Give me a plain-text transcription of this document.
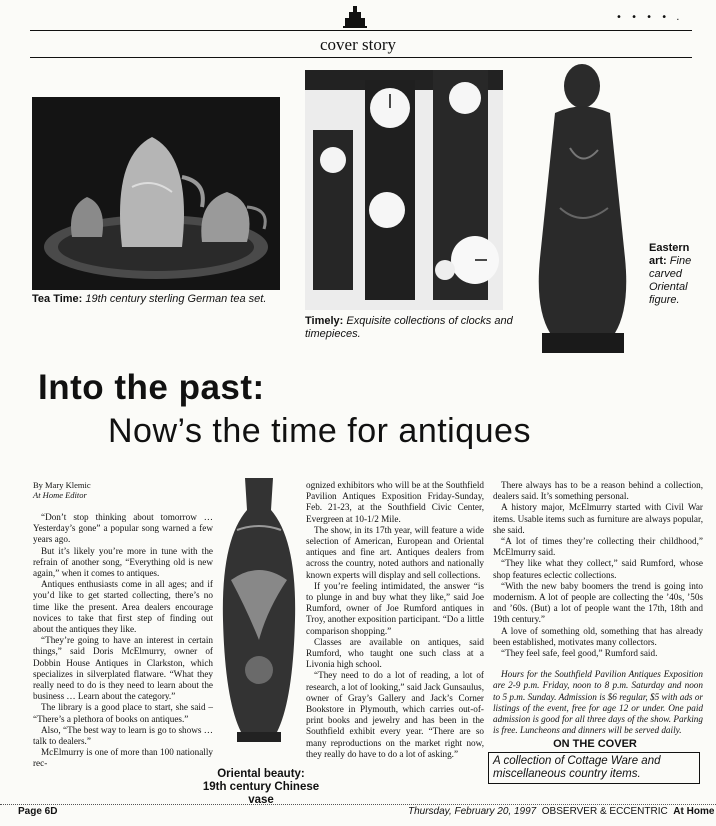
• • • • .
cover story
Tea Time: 19th century sterling German tea set.
Timely: Exquisite collections of clocks and timepieces.
Eastern art: Fine carved Oriental figure.
Into the past:
Now’s the time for antiques
By Mary Klemic
At Home Editor

“Don’t stop thinking about tomorrow … Yesterday’s gone” a popular song warned a few years ago.

But it’s likely you’re more in tune with the refrain of another song, “Everything old is new again,” when it comes to antiques.

Antiques enthusiasts come in all ages; and if you’d like to get started collecting, there’s no time like the present. Area dealers encourage novices to take that first step of finding out about the antiques they like.

“They’re going to have an interest in certain things,” said Doris McElmurry, owner of Dobbin House Antiques in Clarkston, which specializes in silverplated flatware. “What they really need to do is they need to learn about the business … Learn about the category.”

The library is a good place to start, she said – “There’s a plethora of books on antiques.”

Also, “The best way to learn is go to shows … talk to dealers.”

McElmurry is one of more than 100 nationally rec-

Oriental beauty:
19th century Chinese vase

ognized exhibitors who will be at the Southfield Pavilion Antiques Exposition Friday-Sunday, Feb. 21-23, at the Southfield Civic Center, Evergreen at 10-1/2 Mile.

The show, in its 17th year, will feature a wide selection of American, European and Oriental antiques and fine art. Antiques dealers from across the country, noted authors and nationally known experts will display and sell collections.

If you’re feeling intimidated, the answer “is to plunge in and buy what they like,” said Joe Rumford, owner of Joe Rumford antiques in Troy, another exposition participant. “Do a little comparison shopping.”

Classes are available on antiques, said Rumford, who taught one such class at a Livonia high school.

“They need to do a lot of reading, a lot of research, a lot of looking,” said Jack Gunsaulus, owner of Gray’s Gallery and Jack’s Corner Bookstore in Plymouth, which carries out-of-print books and jewelry and has been in the Southfield exhibit every year. “There are so many reproductions on the market right now, they really do have to do a lot of asking.”

There always has to be a reason behind a collection, dealers said. It’s something personal.

A history major, McElmurry started with Civil War items. Usable items such as furniture are always popular, she said.

“A lot of times they’re collecting their childhood,” McElmurry said.

“They like what they collect,” said Rumford, whose shop features eclectic collections.

“With the new baby boomers the trend is going into modernism. A lot of people are collecting the ’40s, ’50s and ’60s. (But) a lot of people want the 17th, 18th and 19th century.”

A love of something old, something that has already been established, motivates many collectors.

“They feel safe, feel good,” Rumford said.

Hours for the Southfield Pavilion Antiques Exposition are 2-9 p.m. Friday, noon to 8 p.m. Saturday and noon to 5 p.m. Sunday. Admission is $6 regular, $5 with ads or listings of the event, free for age 12 or under. One paid admission is good for all three days of the show. Parking is free. Luncheons and dinners will be served daily.

ON THE COVER
A collection of Cottage Ware and miscellaneous country items.
Page 6D	Thursday, February 20, 1997 OBSERVER & ECCENTRIC At Home
